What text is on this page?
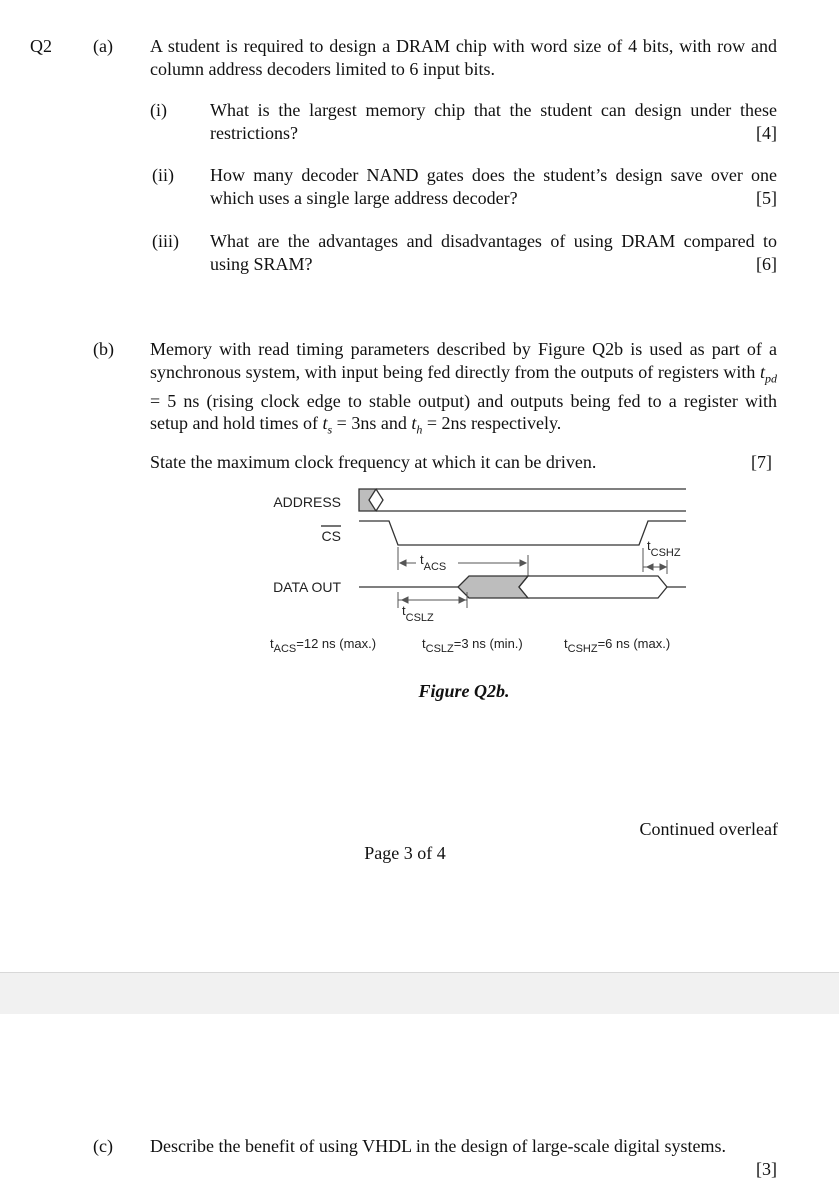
Q2 (a) A student is required to design a DRAM chip with word size of 4 bits, with row and column address decoders limited to 6 input bits.
(i) What is the largest memory chip that the student can design under these restrictions?	[4]
(ii) How many decoder NAND gates does the student’s design save over one which uses a single large address decoder?	[5]
(iii) What are the advantages and disadvantages of using DRAM compared to using SRAM?	[6]
(b) Memory with read timing parameters described by Figure Q2b is used as part of a synchronous system, with input being fed directly from the outputs of registers with $t_{pd} = 5$ ns (rising clock edge to stable output) and outputs being fed to a register with setup and hold times of $t_s = 3ns$ and $t_h = 2ns$ respectively.
State the maximum clock frequency at which it can be driven.	[7]
ADDRESS
CS
DATA OUT
$t_{ACS}$
$t_{CSHZ}$
$t_{CSLZ}$
$t_{ACS}=12$ ns (max.)	$t_{CSLZ}=3$ ns (min.)	$t_{CSHZ}=6$ ns (max.)
Figure Q2b.
Continued overleaf
Page 3 of 4
(c) Describe the benefit of using VHDL in the design of large-scale digital systems.
[3]
